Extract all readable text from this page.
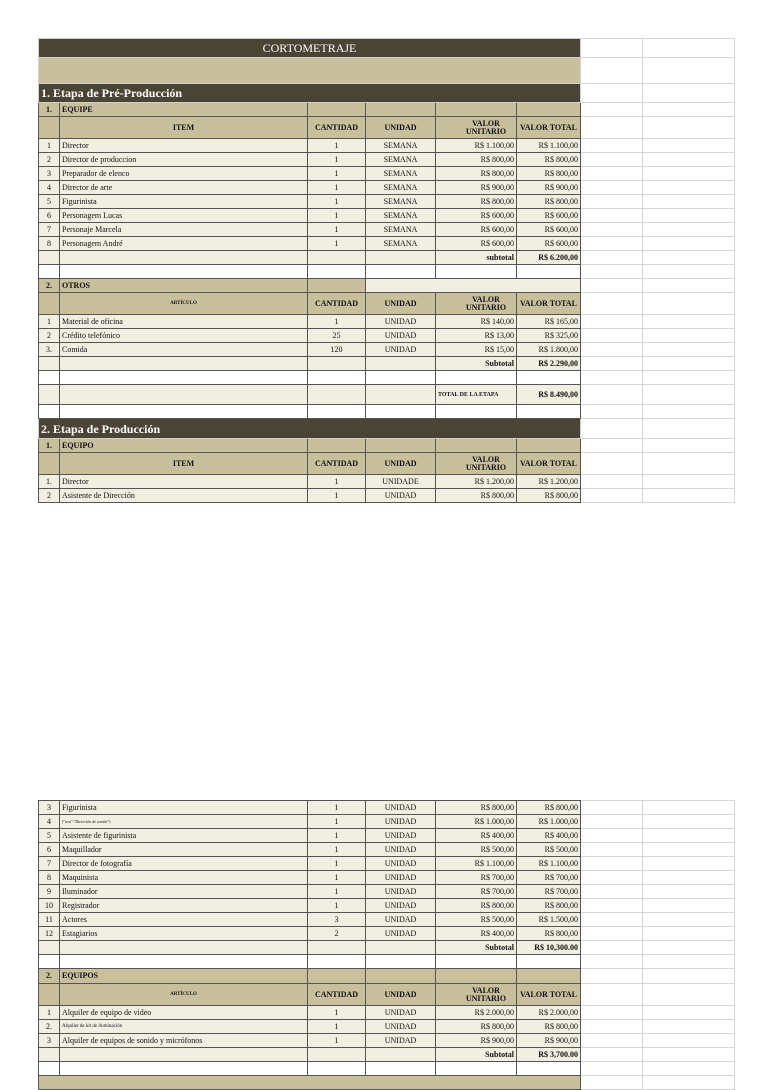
CORTOMETRAJE							

1. Etapa de Pré-Producción							
1.	EQUIPE						
	ITEM	CANTIDAD	UNIDAD	VALOR UNITARIO	VALOR TOTAL		
1	Director	1	SEMANA	R$ 1.100,00	R$ 1.100,00		
2	Director de produccion	1	SEMANA	R$ 800,00	R$ 800,00		
3	Preparador de elenco	1	SEMANA	R$ 800,00	R$ 800,00		
4	Director de arte	1	SEMANA	R$ 900,00	R$ 900,00		
5	Figurinista	1	SEMANA	R$ 800,00	R$ 800,00		
6	Personagem Lucas	1	SEMANA	R$ 600,00	R$ 600,00		
7	Personaje Marcela	1	SEMANA	R$ 600,00	R$ 600,00		
8	Personagem André	1	SEMANA	R$ 600,00	R$ 600,00		
				subtotal	R$ 6.200,00		

2.	OTROS						
	ARTÍCULO	CANTIDAD	UNIDAD	VALOR UNITARIO	VALOR TOTAL		
1	Material de oficina	1	UNIDAD	R$ 140,00	R$ 165,00		
2	Crédito telefónico	25	UNIDAD	R$ 13,00	R$ 325,00		
3.	Comida	120	UNIDAD	R$ 15,00	R$ 1.800,00		
				Subtotal	R$ 2.290,00		

				TOTAL DE LA ETAPA	R$ 8.490,00		

2. Etapa de Producción							
1.	EQUIPO						
	ITEM	CANTIDAD	UNIDAD	VALOR UNITARIO	VALOR TOTAL		
1.	Director	1	UNIDADE	R$ 1.200,00	R$ 1.200,00		
2	Asistente de Dirección	1	UNIDAD	R$ 800,00	R$ 800,00		
3	Figurinista	1	UNIDAD	R$ 800,00	R$ 800,00		
4	("text":"Dirección de sonido")	1	UNIDAD	R$ 1.000,00	R$ 1.000,00		
5	Asistente de figurinista	1	UNIDAD	R$ 400,00	R$ 400,00		
6	Maquillador	1	UNIDAD	R$ 500,00	R$ 500,00		
7	Director de fotografía	1	UNIDAD	R$ 1.100,00	R$ 1.100,00		
8	Maquinista	1	UNIDAD	R$ 700,00	R$ 700,00		
9	Iluminador	1	UNIDAD	R$ 700,00	R$ 700,00		
10	Registrador	1	UNIDAD	R$ 800,00	R$ 800,00		
11	Actores	3	UNIDAD	R$ 500,00	R$ 1.500,00		
12	Estagiarios	2	UNIDAD	R$ 400,00	R$ 800,00		
				Subtotal	R$ 10,300.00		

2.	EQUIPOS						
	ARTÍCULO	CANTIDAD	UNIDAD	VALOR UNITARIO	VALOR TOTAL		
1	Alquiler de equipo de video	1	UNIDAD	R$ 2.000,00	R$ 2.000,00		
2.	Alquiler de kit de iluminación	1	UNIDAD	R$ 800,00	R$ 800,00		
3	Alquiler de equipos de sonido y micrófonos	1	UNIDAD	R$ 900,00	R$ 900,00		
				Subtotal	R$ 3,700.00		
